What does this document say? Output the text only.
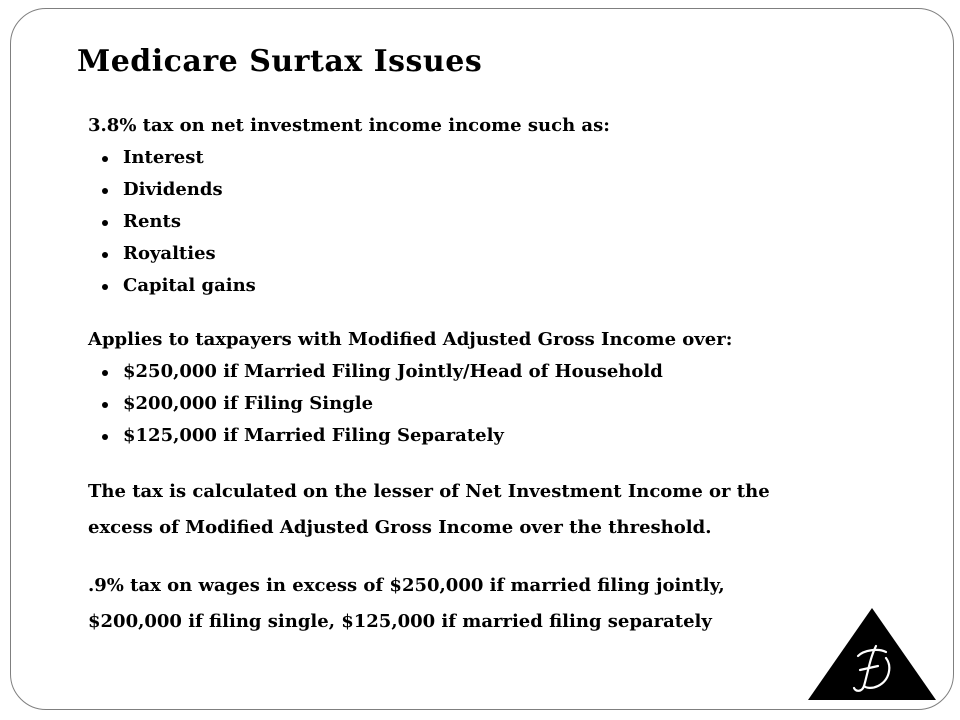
Medicare Surtax Issues

3.8% tax on net investment income income such as:

Interest
Dividends
Rents
Royalties
Capital gains

Applies to taxpayers with Modified Adjusted Gross Income over:

$250,000 if Married Filing Jointly/Head of Household
$200,000 if Filing Single
$125,000 if Married Filing Separately

The tax is calculated on the lesser of Net Investment Income or the

excess of Modified Adjusted Gross Income over the threshold.

.9% tax on wages in excess of $250,000 if married filing jointly,

$200,000 if filing single, $125,000 if married filing separately
